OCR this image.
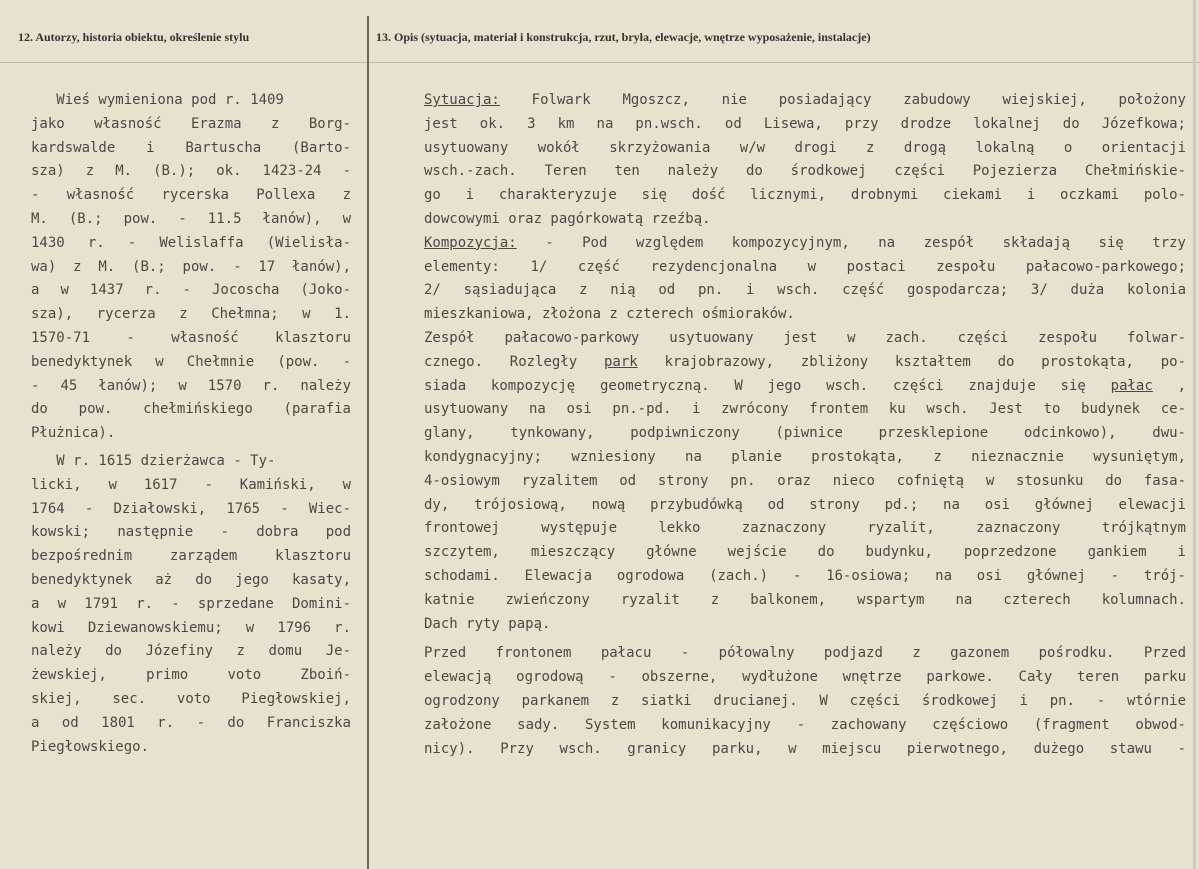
12. Autorzy, historia obiektu, określenie stylu	13. Opis (sytuacja, materiał i konstrukcja, rzut, bryła, elewacje, wnętrze wyposażenie, instalacje)
Wieś wymieniona pod r. 1409
jako własność Erazma z Borg-
kardswalde i Bartuscha (Barto-
sza) z M. (B.); ok. 1423-24 -
- własność rycerska Pollexa z
M. (B.; pow. - 11.5 łanów), w
1430 r. - Welislaffa (Wielisła-
wa) z M. (B.; pow. - 17 łanów),
a w 1437 r. - Jocoscha (Joko-
sza), rycerza z Chełmna; w 1.
1570-71 - własność klasztoru
benedyktynek w Chełmnie (pow. -
- 45 łanów); w 1570 r. należy
do pow. chełmińskiego (parafia
Płużnica).
W r. 1615 dzierżawca - Ty-
licki, w 1617 - Kamiński, w
1764 - Działowski, 1765 - Wiec-
kowski; następnie - dobra pod
bezpośrednim zarządem klasztoru
benedyktynek aż do jego kasaty,
a w 1791 r. - sprzedane Domini-
kowi Dziewanowskiemu; w 1796 r.
należy do Józefiny z domu Je-
żewskiej, primo voto Zboiń-
skiej, sec. voto Piegłowskiej,
a od 1801 r. - do Franciszka
Piegłowskiego.
Sytuacja: Folwark Mgoszcz, nie posiadający zabudowy wiejskiej, położony
jest ok. 3 km na pn.wsch. od Lisewa, przy drodze lokalnej do Józefkowa;
usytuowany wokół skrzyżowania w/w drogi z drogą lokalną o orientacji
wsch.-zach. Teren ten należy do środkowej części Pojezierza Chełmińskie-
go i charakteryzuje się dość licznymi, drobnymi ciekami i oczkami polo-
dowcowymi oraz pagórkowatą rzeźbą.
Kompozycja: - Pod względem kompozycyjnym, na zespół składają się trzy
elementy: 1/ część rezydencjonalna w postaci zespołu pałacowo-parkowego;
2/ sąsiadująca z nią od pn. i wsch. część gospodarcza; 3/ duża kolonia
mieszkaniowa, złożona z czterech ośmioraków.
Zespół pałacowo-parkowy usytuowany jest w zach. części zespołu folwar-
cznego. Rozległy park krajobrazowy, zbliżony kształtem do prostokąta, po-
siada kompozycję geometryczną. W jego wsch. części znajduje się pałac ,
usytuowany na osi pn.-pd. i zwrócony frontem ku wsch. Jest to budynek ce-
glany, tynkowany, podpiwniczony (piwnice przesklepione odcinkowo), dwu-
kondygnacyjny; wzniesiony na planie prostokąta, z nieznacznie wysuniętym,
4-osiowym ryzalitem od strony pn. oraz nieco cofniętą w stosunku do fasa-
dy, trójosiową, nową przybudówką od strony pd.; na osi głównej elewacji
frontowej występuje lekko zaznaczony ryzalit, zaznaczony trójkątnym
szczytem, mieszczący główne wejście do budynku, poprzedzone gankiem i
schodami. Elewacja ogrodowa (zach.) - 16-osiowa; na osi głównej - trój-
katnie zwieńczony ryzalit z balkonem, wspartym na czterech kolumnach.
Dach ryty papą.
Przed frontonem pałacu - półowalny podjazd z gazonem pośrodku. Przed
elewacją ogrodową - obszerne, wydłużone wnętrze parkowe. Cały teren parku
ogrodzony parkanem z siatki drucianej. W części środkowej i pn. - wtórnie
założone sady. System komunikacyjny - zachowany częściowo (fragment obwod-
nicy). Przy wsch. granicy parku, w miejscu pierwotnego, dużego stawu -
